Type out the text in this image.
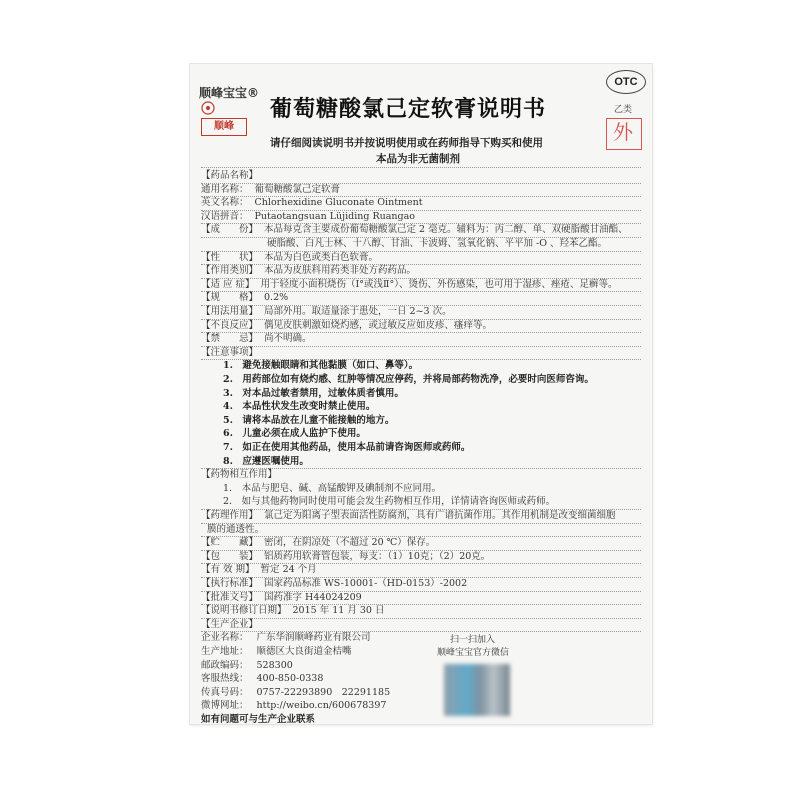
顺峰宝宝®
顺峰
葡萄糖酸氯己定软膏说明书
OTC
乙类
外
请仔细阅读说明书并按说明使用或在药师指导下购买和使用
本品为非无菌制剂
【药品名称】
通用名称： 葡萄糖酸氯己定软膏
英文名称： Chlorhexidine Gluconate Ointment
汉语拼音： Putaotangsuan Lüjiding Ruangao
【成　　份】 本品每克含主要成份葡萄糖酸氯己定 2 毫克。辅料为：丙二醇、单、双硬脂酸甘油酯、
硬脂酸、白凡士林、十八醇、甘油、卡波姆、氢氧化钠、平平加 -O 、羟苯乙酯。
【性　　状】 本品为白色或类白色软膏。
【作用类别】 本品为皮肤科用药类非处方药药品。
【适 应 症】 用于轻度小面积烧伤（Ⅰ°或浅Ⅱ°）、烫伤、外伤感染，也可用于湿疹、痤疮、足癣等。
【规　　格】 0.2%
【用法用量】 局部外用。取适量涂于患处，一日 2~3 次。
【不良反应】 偶见皮肤刺激如烧灼感，或过敏反应如皮疹、瘙痒等。
【禁　　忌】 尚不明确。
【注意事项】
1.　避免接触眼睛和其他黏膜（如口、鼻等）。
2.　用药部位如有烧灼感、红肿等情况应停药，并将局部药物洗净，必要时向医师咨询。
3.　对本品过敏者禁用，过敏体质者慎用。
4.　本品性状发生改变时禁止使用。
5.　请将本品放在儿童不能接触的地方。
6.　儿童必须在成人监护下使用。
7.　如正在使用其他药品，使用本品前请咨询医师或药师。
8.　应遵医嘱使用。
【药物相互作用】
1.　本品与肥皂、碱、高锰酸钾及碘制剂不应同用。
2.　如与其他药物同时使用可能会发生药物相互作用，详情请咨询医师或药师。
【药理作用】 氯己定为阳离子型表面活性防腐剂，具有广谱抗菌作用。其作用机制是改变细菌细胞
膜的通透性。
【贮　　藏】 密闭，在阴凉处（不超过 20 ℃）保存。
【包　　装】 铝质药用软膏管包装，每支：（1）10克；（2）20克。
【有 效 期】 暂定 24 个月
【执行标准】 国家药品标准 WS-10001-（HD-0153）-2002
【批准文号】 国药准字 H44024209
【说明书修订日期】 2015 年 11 月 30 日
【生产企业】
企业名称： 广东华润顺峰药业有限公司
生产地址： 顺德区大良街道金桔嘴
邮政编码： 528300
客服热线： 400-850-0338
传真号码： 0757-22293890　22291185
微博网址： http://weibo.cn/600678397
如有问题可与生产企业联系
扫一扫加入
顺峰宝宝官方微信
